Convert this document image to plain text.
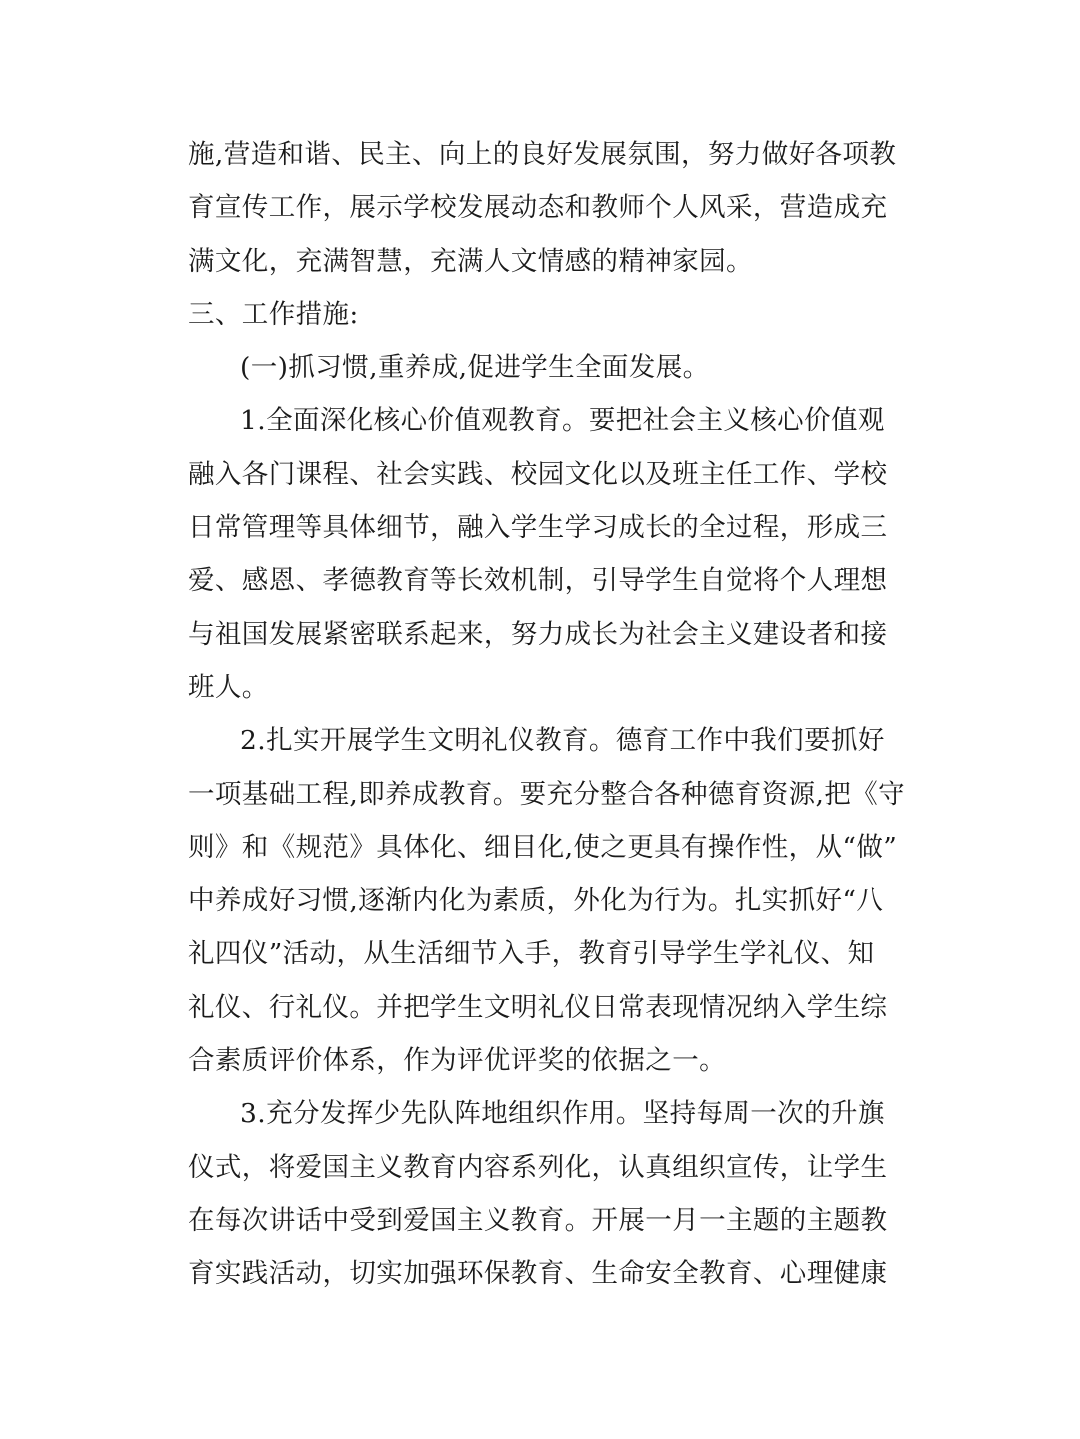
施,营造和谐、民主、向上的良好发展氛围，努力做好各项教
育宣传工作，展示学校发展动态和教师个人风采，营造成充
满文化，充满智慧，充满人文情感的精神家园。
三、工作措施:
(一)抓习惯,重养成,促进学生全面发展。
1.全面深化核心价值观教育。要把社会主义核心价值观
融入各门课程、社会实践、校园文化以及班主任工作、学校
日常管理等具体细节，融入学生学习成长的全过程，形成三
爱、感恩、孝德教育等长效机制，引导学生自觉将个人理想
与祖国发展紧密联系起来，努力成长为社会主义建设者和接
班人。
2.扎实开展学生文明礼仪教育。德育工作中我们要抓好
一项基础工程,即养成教育。要充分整合各种德育资源,把《守
则》和《规范》具体化、细目化,使之更具有操作性，从“做”
中养成好习惯,逐渐内化为素质，外化为行为。扎实抓好“八
礼四仪”活动，从生活细节入手，教育引导学生学礼仪、知
礼仪、行礼仪。并把学生文明礼仪日常表现情况纳入学生综
合素质评价体系，作为评优评奖的依据之一。
3.充分发挥少先队阵地组织作用。坚持每周一次的升旗
仪式，将爱国主义教育内容系列化，认真组织宣传，让学生
在每次讲话中受到爱国主义教育。开展一月一主题的主题教
育实践活动，切实加强环保教育、生命安全教育、心理健康
